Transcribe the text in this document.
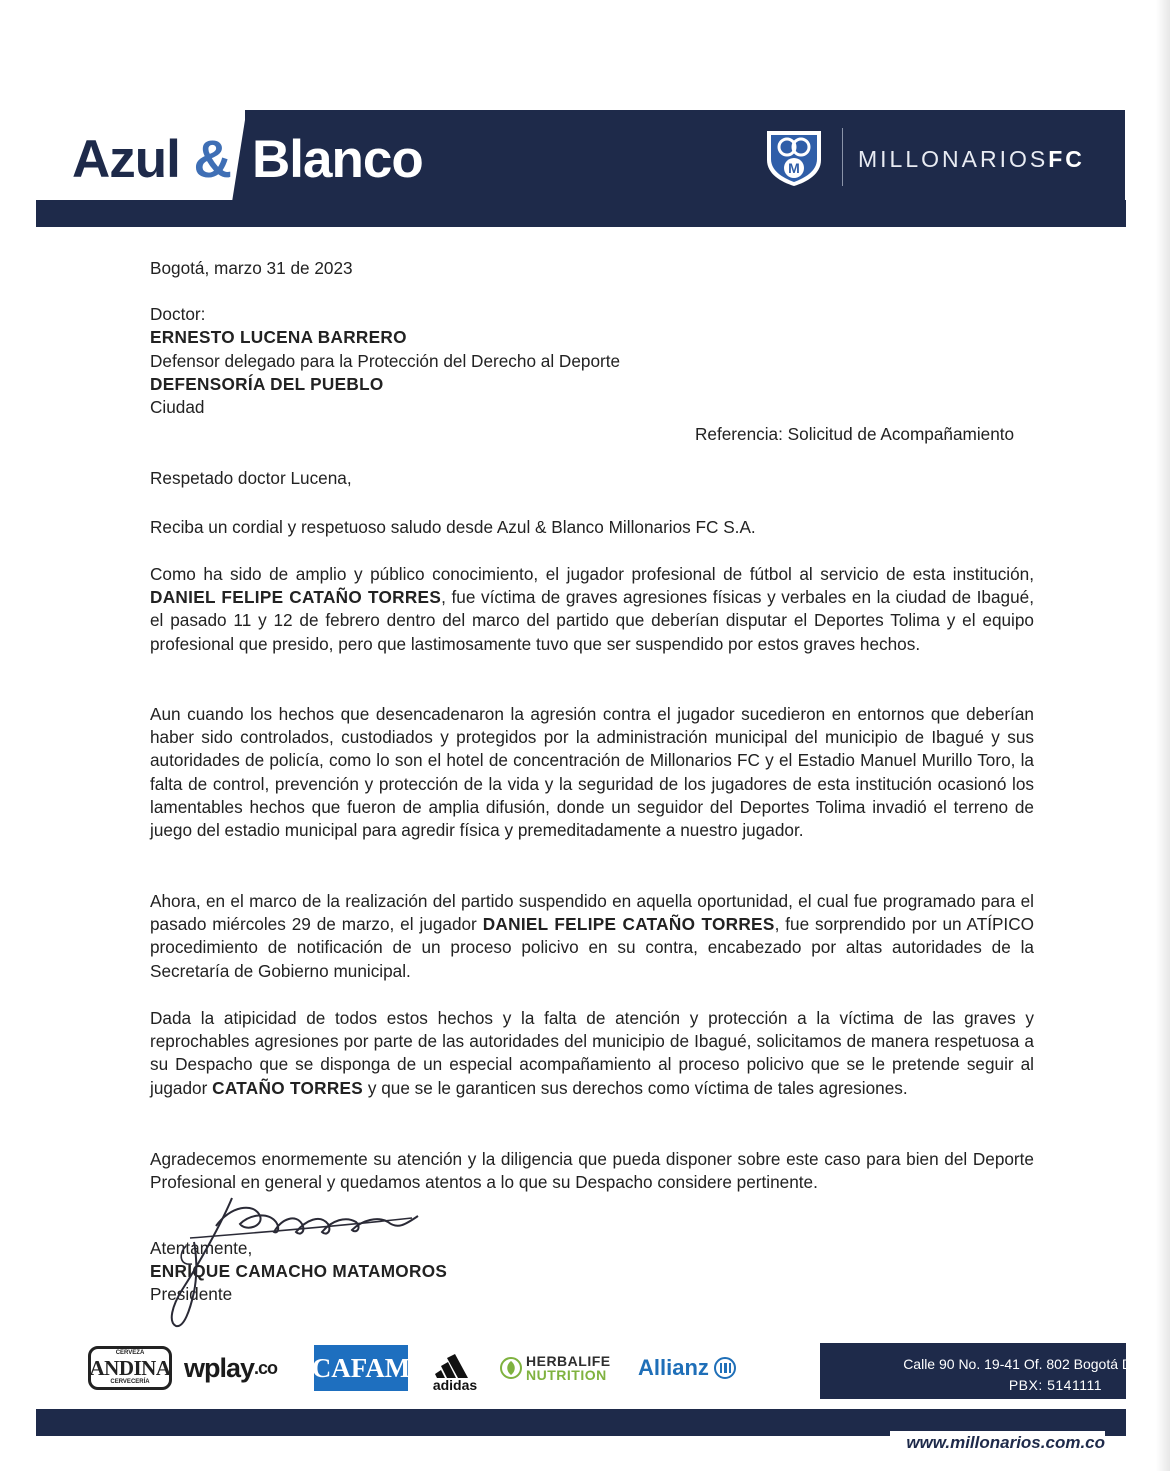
Azul & Blanco	M	MILLONARIOSFC

Bogotá, marzo 31 de 2023

Doctor:

ERNESTO LUCENA BARRERO

Defensor delegado para la Protección del Derecho al Deporte

DEFENSORÍA DEL PUEBLO

Ciudad

Referencia: Solicitud de Acompañamiento

Respetado doctor Lucena,

Reciba un cordial y respetuoso saludo desde Azul & Blanco Millonarios FC S.A.

Como ha sido de amplio y público conocimiento, el jugador profesional de fútbol al servicio de esta institución, DANIEL FELIPE CATAÑO TORRES, fue víctima de graves agresiones físicas y verbales en la ciudad de Ibagué, el pasado 11 y 12 de febrero dentro del marco del partido que deberían disputar el Deportes Tolima y el equipo profesional que presido, pero que lastimosamente tuvo que ser suspendido por estos graves hechos.

Aun cuando los hechos que desencadenaron la agresión contra el jugador sucedieron en entornos que deberían haber sido controlados, custodiados y protegidos por la administración municipal del municipio de Ibagué y sus autoridades de policía, como lo son el hotel de concentración de Millonarios FC y el Estadio Manuel Murillo Toro, la falta de control, prevención y protección de la vida y la seguridad de los jugadores de esta institución ocasionó los lamentables hechos que fueron de amplia difusión, donde un seguidor del Deportes Tolima invadió el terreno de juego del estadio municipal para agredir física y premeditadamente a nuestro jugador.

Ahora, en el marco de la realización del partido suspendido en aquella oportunidad, el cual fue programado para el pasado miércoles 29 de marzo, el jugador DANIEL FELIPE CATAÑO TORRES, fue sorprendido por un ATÍPICO procedimiento de notificación de un proceso policivo en su contra, encabezado por altas autoridades de la Secretaría de Gobierno municipal.

Dada la atipicidad de todos estos hechos y la falta de atención y protección a la víctima de las graves y reprochables agresiones por parte de las autoridades del municipio de Ibagué, solicitamos de manera respetuosa a su Despacho que se disponga de un especial acompañamiento al proceso policivo que se le pretende seguir al jugador CATAÑO TORRES y que se le garanticen sus derechos como víctima de tales agresiones.

Agradecemos enormemente su atención y la diligencia que pueda disponer sobre este caso para bien del Deporte Profesional en general y quedamos atentos a lo que su Despacho considere pertinente.

Atentamente,

ENRIQUE CAMACHO MATAMOROS

Presidente

CERVEZA
ANDINA
CERVECERÍA wplay .co CAFAM
adidas
HERBALIFE
NUTRITION Allianz	Calle 90 No. 19-41 Of. 802 Bogotá D.C
PBX: 5141111
www.millonarios.com.co
